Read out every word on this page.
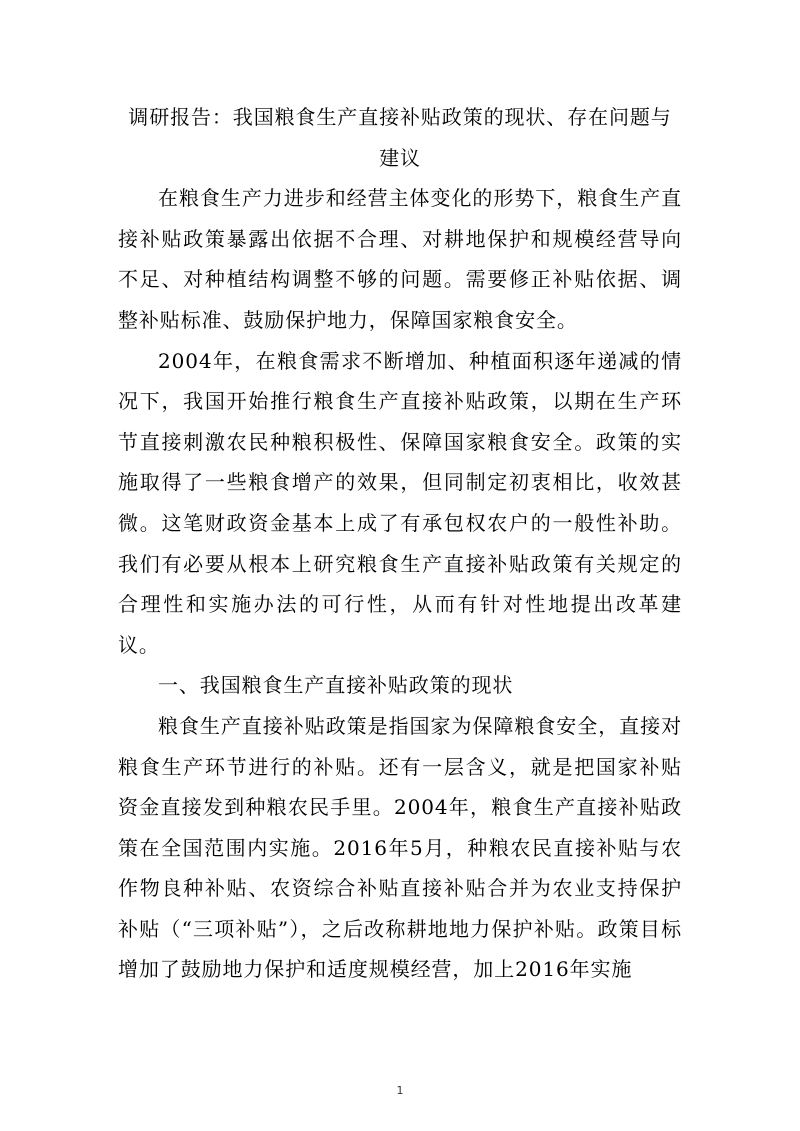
调研报告：我国粮食生产直接补贴政策的现状、存在问题与建议

在粮食生产力进步和经营主体变化的形势下，粮食生产直接补贴政策暴露出依据不合理、对耕地保护和规模经营导向不足、对种植结构调整不够的问题。需要修正补贴依据、调整补贴标准、鼓励保护地力，保障国家粮食安全。

2004年，在粮食需求不断增加、种植面积逐年递减的情况下，我国开始推行粮食生产直接补贴政策，以期在生产环节直接刺激农民种粮积极性、保障国家粮食安全。政策的实施取得了一些粮食增产的效果，但同制定初衷相比，收效甚微。这笔财政资金基本上成了有承包权农户的一般性补助。我们有必要从根本上研究粮食生产直接补贴政策有关规定的合理性和实施办法的可行性，从而有针对性地提出改革建议。

一、我国粮食生产直接补贴政策的现状

粮食生产直接补贴政策是指国家为保障粮食安全，直接对粮食生产环节进行的补贴。还有一层含义，就是把国家补贴资金直接发到种粮农民手里。2004年，粮食生产直接补贴政策在全国范围内实施。2016年5月，种粮农民直接补贴与农作物良种补贴、农资综合补贴直接补贴合并为农业支持保护补贴（“三项补贴”），之后改称耕地地力保护补贴。政策目标增加了鼓励地力保护和适度规模经营，加上2016年实施

1
